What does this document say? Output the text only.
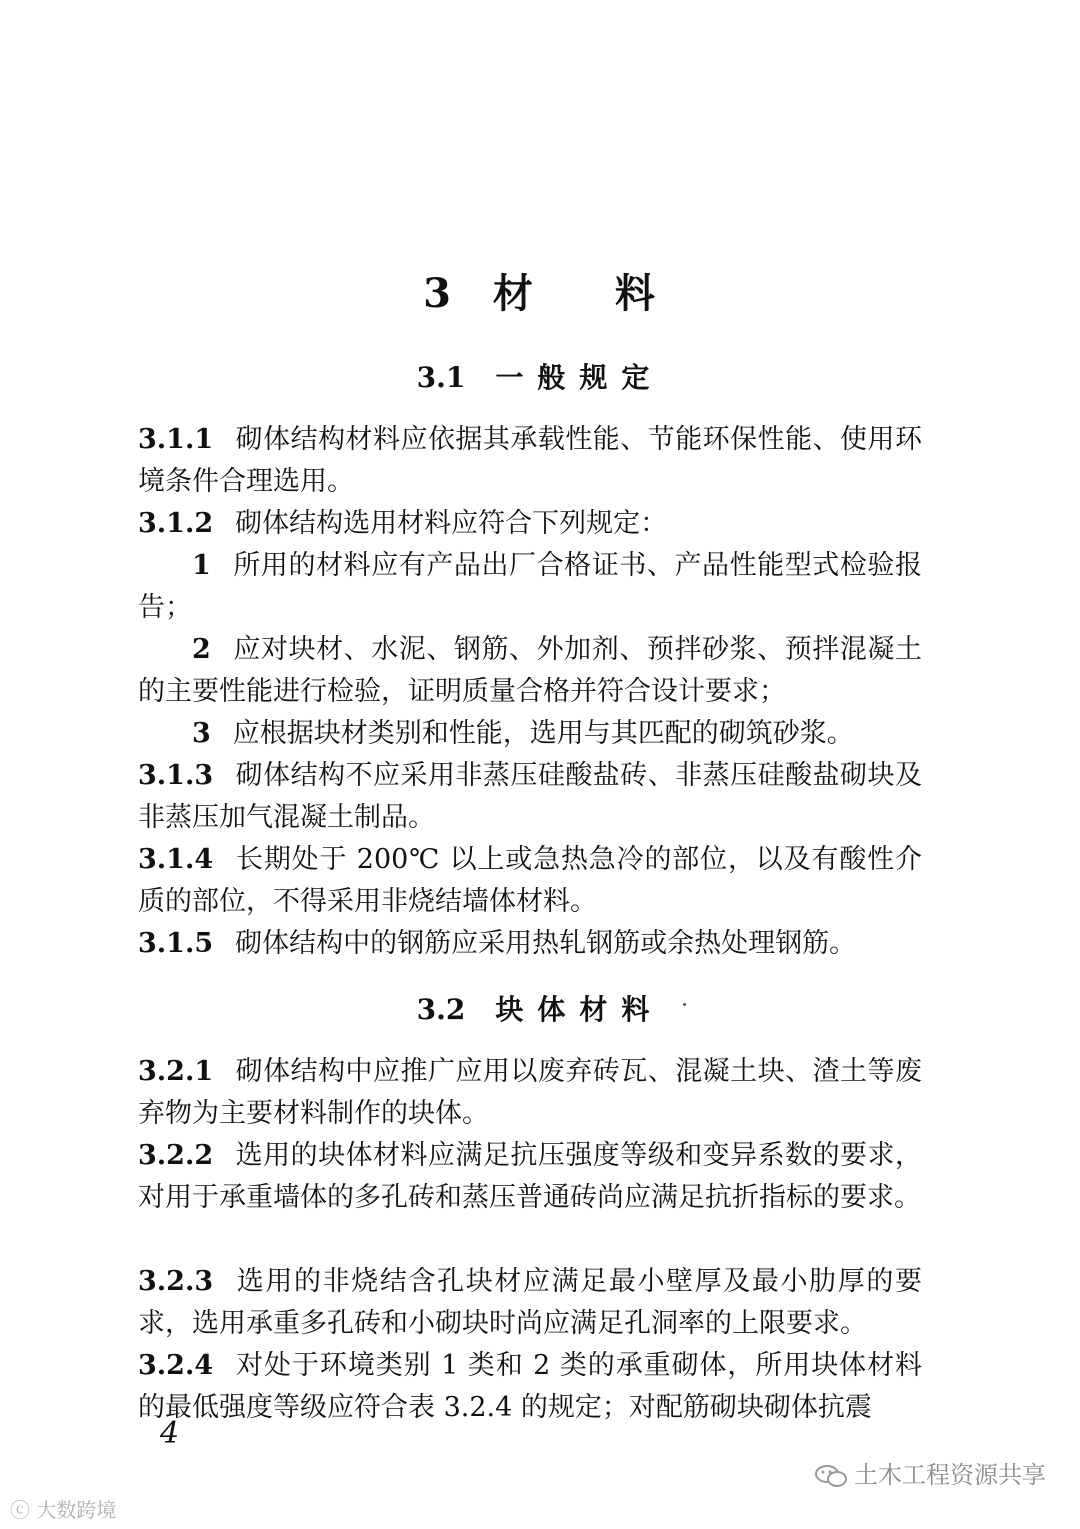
3 材 料
3.1 一般规定
3.1.1 砌体结构材料应依据其承载性能、节能环保性能、使用环境条件合理选用。
3.1.2 砌体结构选用材料应符合下列规定：
1 所用的材料应有产品出厂合格证书、产品性能型式检验报告；
2 应对块材、水泥、钢筋、外加剂、预拌砂浆、预拌混凝土的主要性能进行检验，证明质量合格并符合设计要求；
3 应根据块材类别和性能，选用与其匹配的砌筑砂浆。
3.1.3 砌体结构不应采用非蒸压硅酸盐砖、非蒸压硅酸盐砌块及非蒸压加气混凝土制品。
3.1.4 长期处于 200℃ 以上或急热急冷的部位，以及有酸性介质的部位，不得采用非烧结墙体材料。
3.1.5 砌体结构中的钢筋应采用热轧钢筋或余热处理钢筋。
3.2 块体材料
3.2.1 砌体结构中应推广应用以废弃砖瓦、混凝土块、渣土等废弃物为主要材料制作的块体。
3.2.2 选用的块体材料应满足抗压强度等级和变异系数的要求，对用于承重墙体的多孔砖和蒸压普通砖尚应满足抗折指标的要求。
3.2.3 选用的非烧结含孔块材应满足最小壁厚及最小肋厚的要求，选用承重多孔砖和小砌块时尚应满足孔洞率的上限要求。
3.2.4 对处于环境类别 1 类和 2 类的承重砌体，所用块体材料的最低强度等级应符合表 3.2.4 的规定；对配筋砌块砌体抗震
4
土木工程资源共享
ⓒ 大数跨境
